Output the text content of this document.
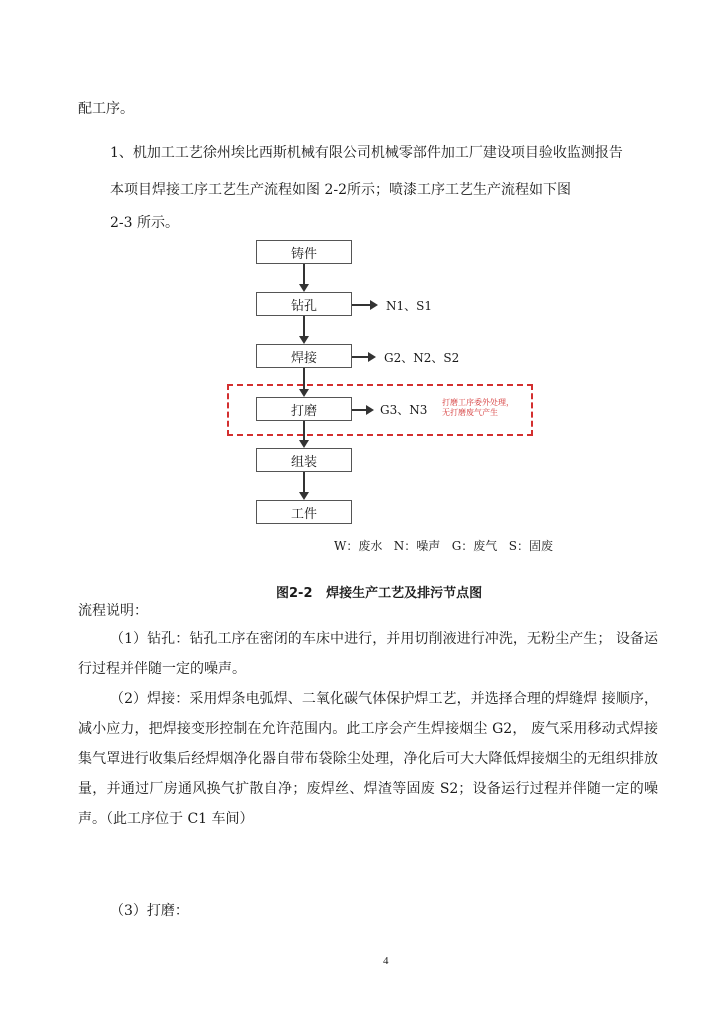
配工序。
1、机加工工艺徐州埃比西斯机械有限公司机械零部件加工厂建设项目验收监测报告
本项目焊接工序工艺生产流程如图 2-2所示；喷漆工序工艺生产流程如下图
2-3 所示。
铸件
钻孔
焊接
打磨
组装
工件
N1、S1
G2、N2、S2
G3、N3
打磨工序委外处理，
无打磨废气产生
W：废水   N：噪声   G：废气   S：固废
图2-2   焊接生产工艺及排污节点图
流程说明：
（1）钻孔：钻孔工序在密闭的车床中进行，并用切削液进行冲洗，无粉尘产生； 设备运行过程并伴随一定的噪声。
（2）焊接：采用焊条电弧焊、二氧化碳气体保护焊工艺，并选择合理的焊缝焊 接顺序，减小应力，把焊接变形控制在允许范围内。此工序会产生焊接烟尘 G2， 废气采用移动式焊接集气罩进行收集后经焊烟净化器自带布袋除尘处理，净化后可大大降低焊接烟尘的无组织排放量，并通过厂房通风换气扩散自净；废焊丝、焊渣等固废 S2；设备运行过程并伴随一定的噪声。（此工序位于 C1 车间）
（3）打磨：
4
